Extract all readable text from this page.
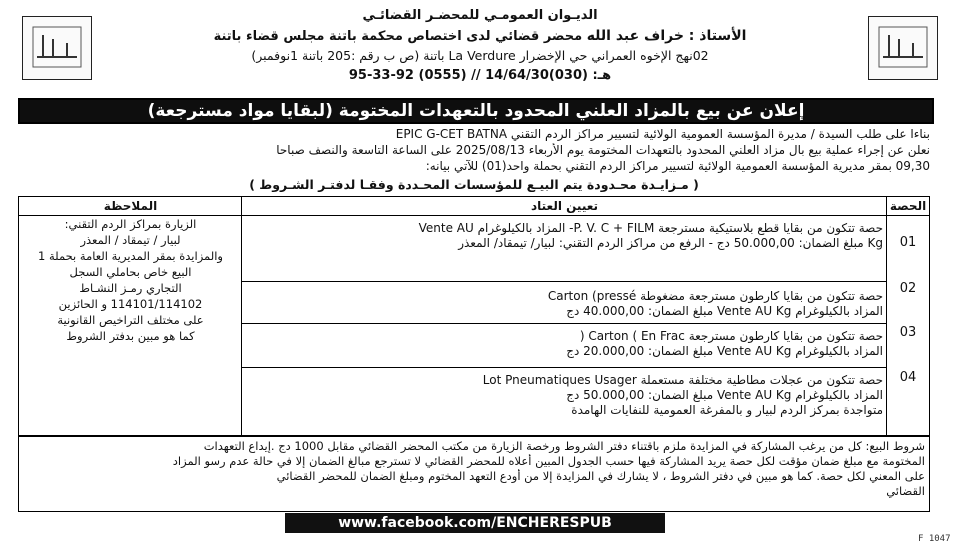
الديـوان العمومـي للمحضـر القضائـي
الأستاذ : خراف عبد الله محضر قضائي لدى اختصاص محكمة باتنة مجلس قضاء باتنة
02نهج الإخوه العمراني حي الإخضرار La Verdure باتنة (ص ب رقم :205 باتنة 1نوفمبر)
هـ: (030)14/64/30 // (0555) 92-33-95
إعلان عن بيع بالمزاد العلني المحدود بالتعهدات المختومة (لبقايا مواد مسترجعة)
بناءا على طلب السيدة / مديرة المؤسسة العمومية الولائية لتسيير مراكز الردم التقني EPIC G-CET BATNA
نعلن عن إجراء عملية بيع بال مزاد العلني المحدود بالتعهدات المختومة يوم الأربعاء 2025/08/13 على الساعة التاسعة والنصف صباحا
09,30 بمقر مديرية المؤسسة العمومية الولائية لتسيير مراكز الردم التقني بحملة واحد(01) للآتي بيانه:
( مـزايـدة محـدودة يتم البيـع للمؤسسات المحـددة وفقـا لدفتـر الشـروط )
الحصة
01
02
03
04
تعيين العتاد
حصة تتكون من بقايا قطع بلاستيكية مسترجعة P. V. C + FILM- المزاد بالكيلوغرام Vente AU
Kg مبلغ الضمان: 50.000,00 دج - الرفع من مراكز الردم التقني: لبيار/ تيمقاد/ المعذر
حصة تتكون من بقايا كارطون مسترجعة مضغوطة Carton (pressé
المزاد بالكيلوغرام Vente AU Kg مبلغ الضمان: 40.000,00 دج
حصة تتكون من بقايا كارطون مسترجعة Carton ( En Frac (
المزاد بالكيلوغرام Vente AU Kg مبلغ الضمان: 20.000,00 دج
حصة تتكون من عجلات مطاطية مختلفة مستعملة Lot Pneumatiques Usager
المزاد بالكيلوغرام Vente AU Kg مبلغ الضمان: 50.000,00 دج
متواجدة بمركز الردم لبيار و بالمفرغة العمومية للنفايات الهامدة
الملاحظة
الزيارة بمراكز الردم التقني:
لبيار / تيمقاد / المعذر
والمزايدة بمقر المديرية العامة بحملة 1
البيع خاص بحاملي السجل
التجاري رمـز النشـاط
114101/114102 و الحائزين
على مختلف التراخيص القانونية
كما هو مبين بدفتر الشروط
شروط البيع: كل من يرغب المشاركة في المزايدة ملزم باقتناء دفتر الشروط ورخصة الزيارة من مكتب المحضر القضائي مقابل 1000 دج .إيداع التعهدات
المختومة مع مبلغ ضمان مؤقت لكل حصة يريد المشاركة فيها حسب الجدول المبين أعلاه للمحضر القضائي لا تسترجع مبالغ الضمان إلا في حالة عدم رسو المزاد
على المعني لكل حصة. كما هو مبين في دفتر الشروط ، لا يشارك في المزايدة إلا من أودع التعهد المختوم ومبلغ الضمان للمحضر القضائي
القضائي
www.facebook.com/ENCHERESPUB
F 1047
